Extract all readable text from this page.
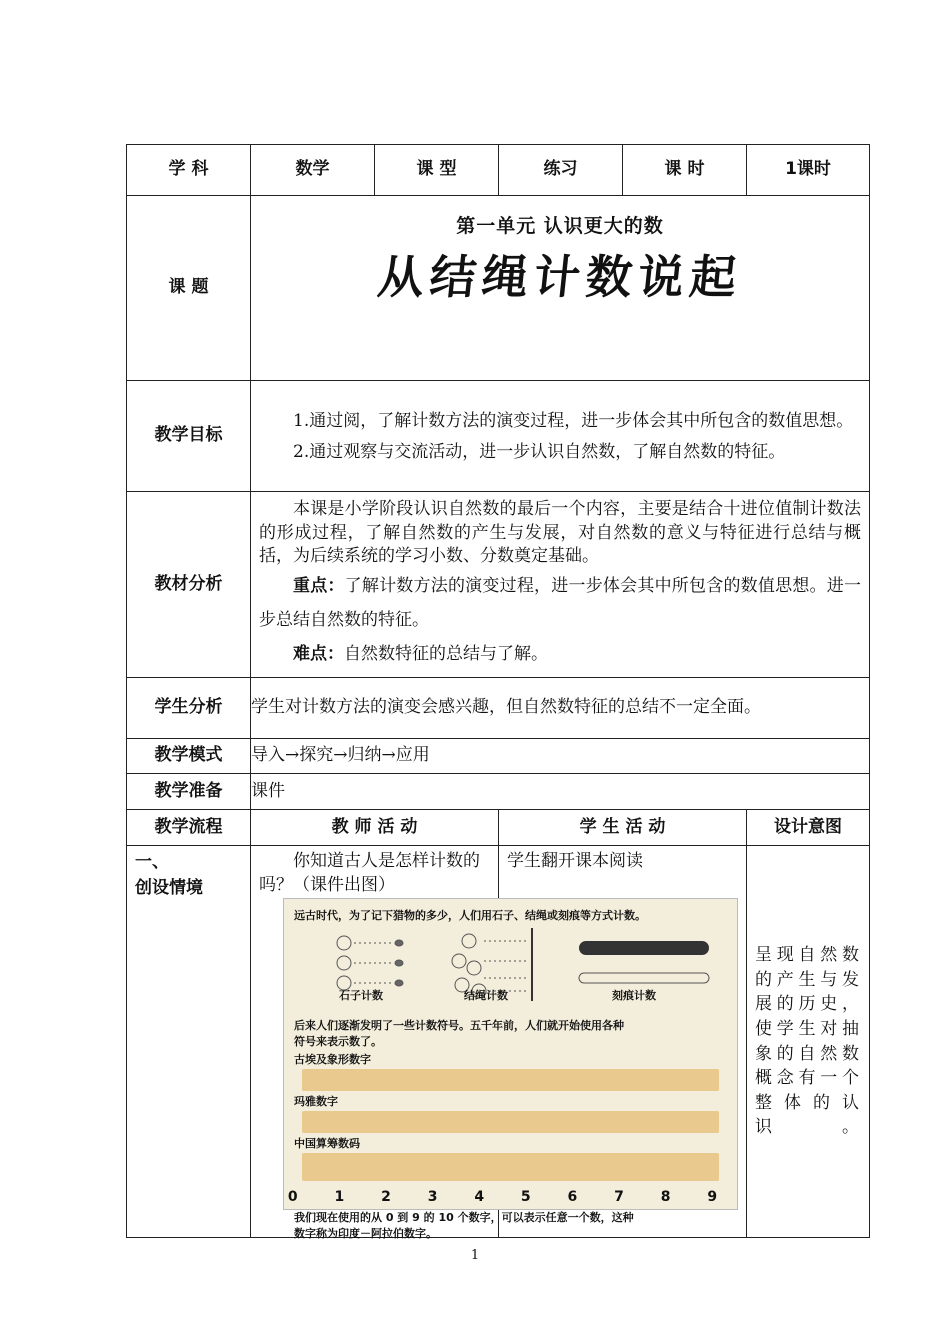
学 科	数学	课 型	练习	课 时	1课时
课 题	第一单元 认识更大的数
从结绳计数说起				

教学目标	1.通过阅，了解计数方法的演变过程，进一步体会其中所包含的数值思想。
2.通过观察与交流活动，进一步认识自然数，了解自然数的特征。				

教材分析	本课是小学阶段认识自然数的最后一个内容，主要是结合十进位值制计数法的形成过程，了解自然数的产生与发展，对自然数的意义与特征进行总结与概括，为后续系统的学习小数、分数奠定基础。
重点：了解计数方法的演变过程，进一步体会其中所包含的数值思想。进一步总结自然数的特征。
难点：自然数特征的总结与了解。				

学生分析	学生对计数方法的演变会感兴趣，但自然数特征的总结不一定全面。				
教学模式	导入→探究→归纳→应用				
教学准备	课件				
教学流程	教 师 活 动		学 生 活 动		设计意图

一、
创设情境	你知道古人是怎样计数的吗？（课件出图）		学生翻开课本阅读		呈现自然数的产生与发展的历史，使学生对抽象的自然数概念有一个整体的认识。
远古时代，为了记下猎物的多少，人们用石子、结绳或刻痕等方式计数。
石子计数	结绳计数	刻痕计数
后来人们逐渐发明了一些计数符号。五千年前，人们就开始使用各种
符号来表示数了。
古埃及象形数字
玛雅数字
中国算筹数码
0 1 2 3 4 5 6 7 8 9
我们现在使用的从 0 到 9 的 10 个数字，可以表示任意一个数，这种
数字称为印度－阿拉伯数字。
1
